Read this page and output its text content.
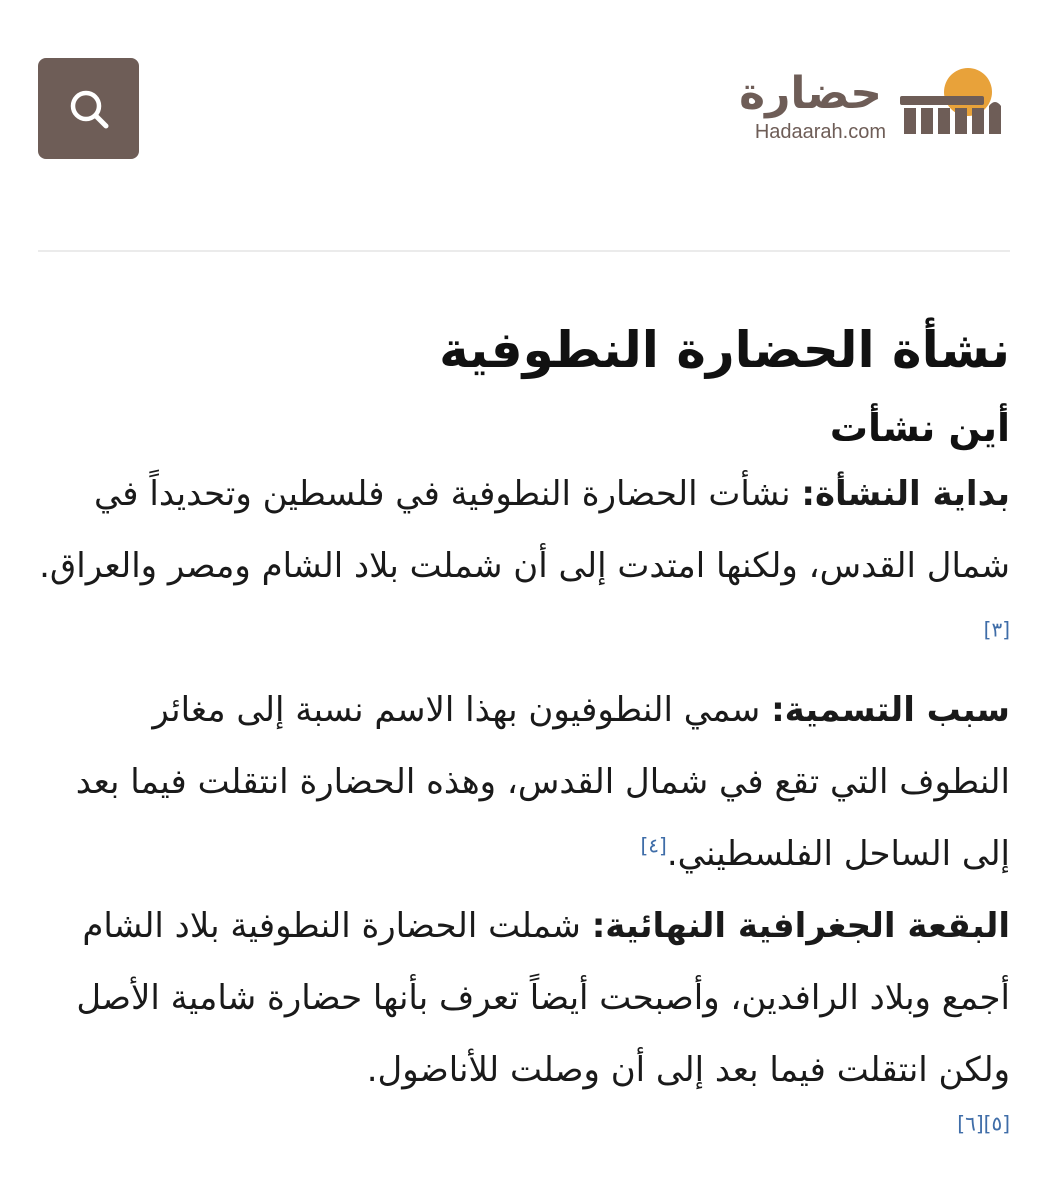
حضارة
Hadaarah.com
نشأة الحضارة النطوفية
أين نشأت

بداية النشأة: نشأت الحضارة النطوفية في فلسطين وتحديداً في شمال القدس، ولكنها امتدت إلى أن شملت بلاد الشام ومصر والعراق.[٣]

سبب التسمية: سمي النطوفيون بهذا الاسم نسبة إلى مغائر النطوف التي تقع في شمال القدس، وهذه الحضارة انتقلت فيما بعد إلى الساحل الفلسطيني.[٤]

البقعة الجغرافية النهائية: شملت الحضارة النطوفية بلاد الشام أجمع وبلاد الرافدين، وأصبحت أيضاً تعرف بأنها حضارة شامية الأصل ولكن انتقلت فيما بعد إلى أن وصلت للأناضول.

[٥][٦]
